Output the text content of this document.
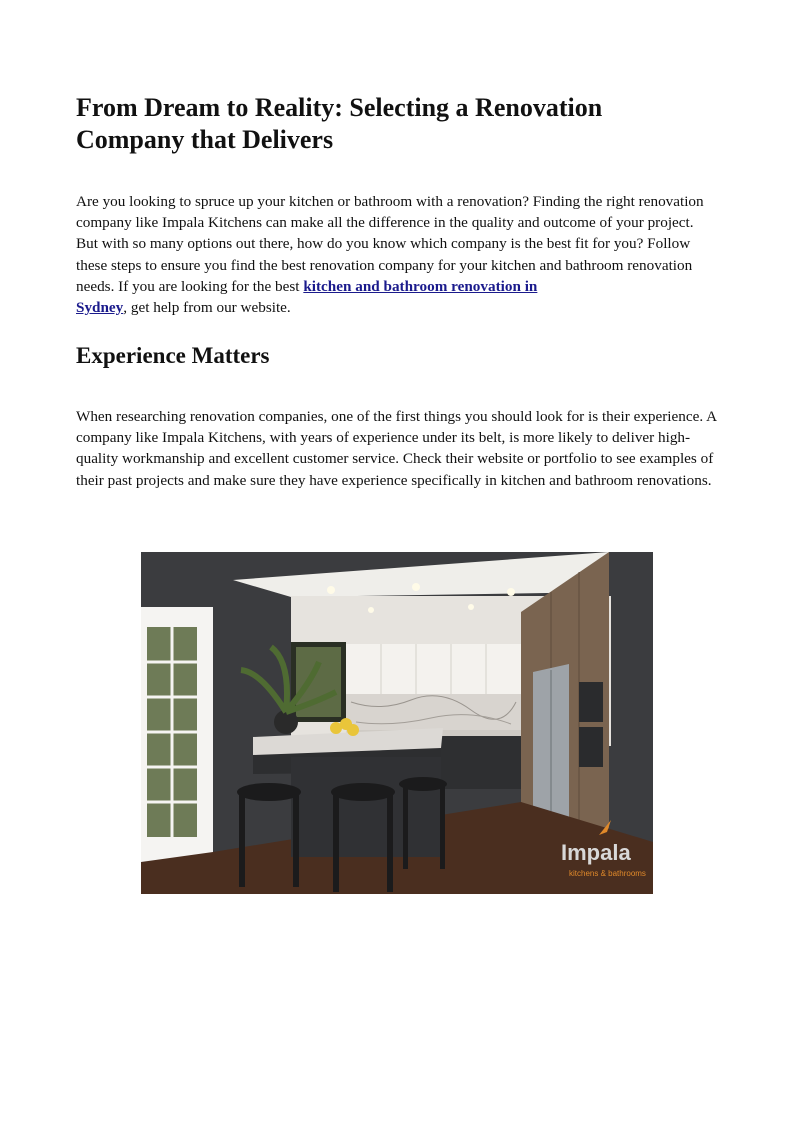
From Dream to Reality: Selecting a Renovation Company that Delivers

Are you looking to spruce up your kitchen or bathroom with a renovation? Finding the right renovation company like Impala Kitchens can make all the difference in the quality and outcome of your project. But with so many options out there, how do you know which company is the best fit for you? Follow these steps to ensure you find the best renovation company for your kitchen and bathroom renovation needs. If you are looking for the best kitchen and bathroom renovation in
Sydney, get help from our website.

Experience Matters

When researching renovation companies, one of the first things you should look for is their experience. A company like Impala Kitchens, with years of experience under its belt, is more likely to deliver high-quality workmanship and excellent customer service. Check their website or portfolio to see examples of their past projects and make sure they have experience specifically in kitchen and bathroom renovations.

Impala
kitchens & bathrooms
